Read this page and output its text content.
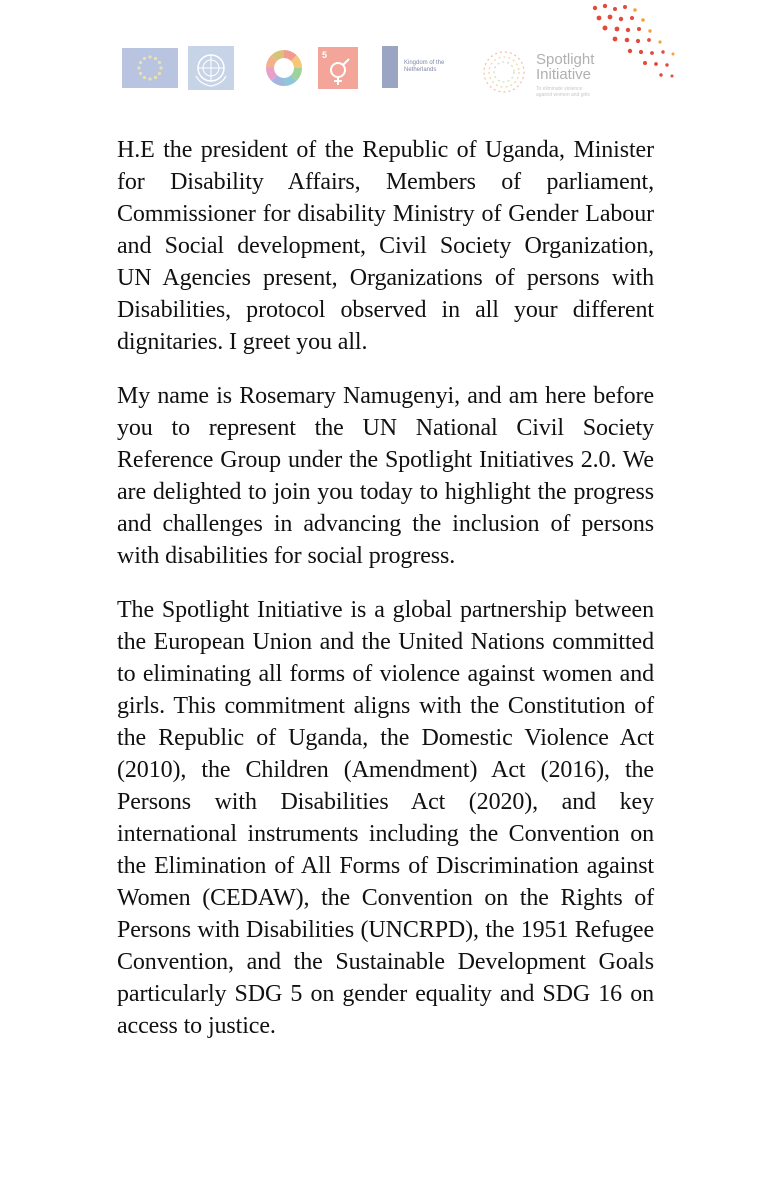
5
Kingdom of the Netherlands
Spotlight
Initiative
To eliminate violence against women and girls

H.E the president of the Republic of Uganda, Minister for Disability Affairs, Members of parliament, Commissioner for disability Ministry of Gender Labour and Social development, Civil Society Organization, UN Agencies present, Organizations of persons with Disabilities, protocol observed in all your different dignitaries. I greet you all.

My name is Rosemary Namugenyi, and am here before you to represent the UN National Civil Society Reference Group under the Spotlight Initiatives 2.0. We are delighted to join you today to highlight the progress and challenges in advancing the inclusion of persons with disabilities for social progress.

The Spotlight Initiative is a global partnership between the European Union and the United Nations committed to eliminating all forms of violence against women and girls. This commitment aligns with the Constitution of the Republic of Uganda, the Domestic Violence Act (2010), the Children (Amendment) Act (2016), the Persons with Disabilities Act (2020), and key international instruments including the Convention on the Elimination of All Forms of Discrimination against Women (CEDAW), the Convention on the Rights of Persons with Disabilities (UNCRPD), the 1951 Refugee Convention, and the Sustainable Development Goals particularly SDG 5 on gender equality and SDG 16 on access to justice.
